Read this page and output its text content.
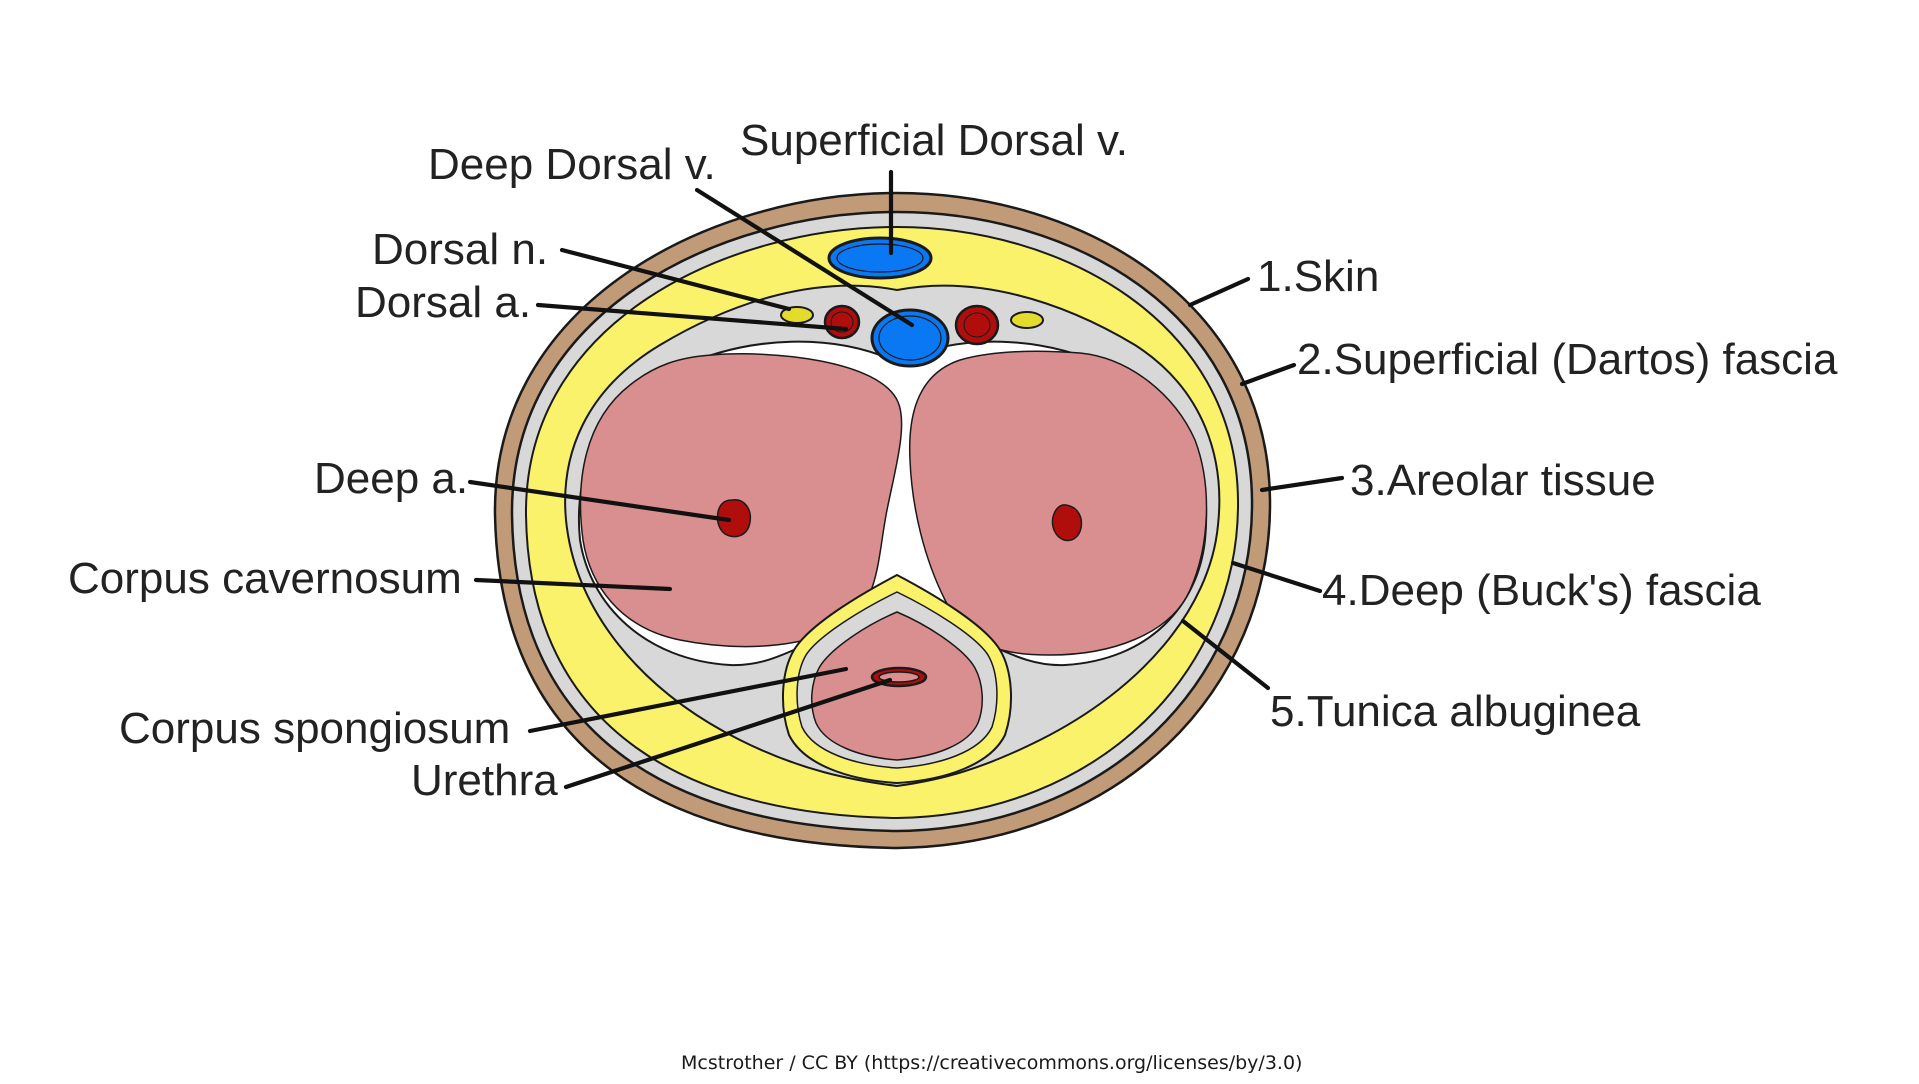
Superficial Dorsal v.
Deep Dorsal v.
Dorsal n.
Dorsal a.
Deep a.
Corpus cavernosum
Corpus spongiosum
Urethra
1.Skin
2.Superficial (Dartos) fascia
3.Areolar tissue
4.Deep (Buck's) fascia
5.Tunica albuginea
Mcstrother / CC BY (https://creativecommons.org/licenses/by/3.0)
